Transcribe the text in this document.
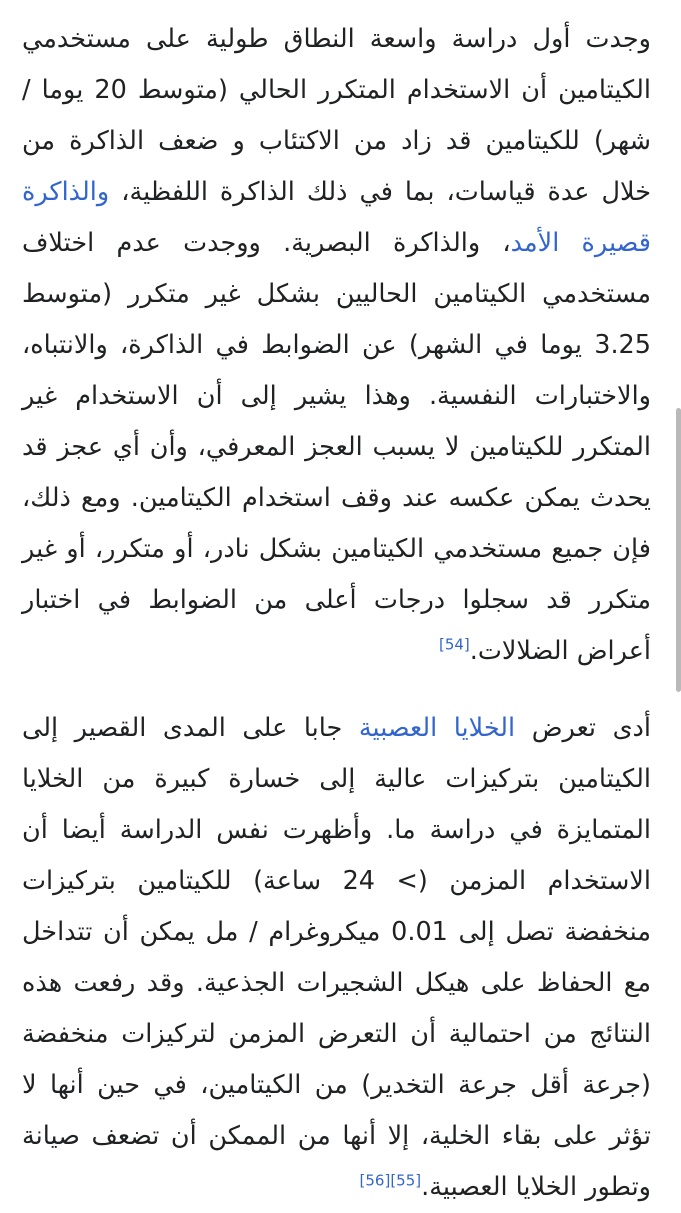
وجدت أول دراسة واسعة النطاق طولية على مستخدمي الكيتامين أن الاستخدام المتكرر الحالي (متوسط 20 يوما / شهر) للكيتامين قد زاد من الاكتئاب و ضعف الذاكرة من خلال عدة قياسات، بما في ذلك الذاكرة اللفظية، والذاكرة قصيرة الأمد، والذاكرة البصرية. ووجدت عدم اختلاف مستخدمي الكيتامين الحاليين بشكل غير متكرر (متوسط 3.25 يوما في الشهر) عن الضوابط في الذاكرة، والانتباه، والاختبارات النفسية. وهذا يشير إلى أن الاستخدام غير المتكرر للكيتامين لا يسبب العجز المعرفي، وأن أي عجز قد يحدث يمكن عكسه عند وقف استخدام الكيتامين. ومع ذلك، فإن جميع مستخدمي الكيتامين بشكل نادر، أو متكرر، أو غير متكرر قد سجلوا درجات أعلى من الضوابط في اختبار أعراض الضلالات.[54]

أدى تعرض الخلايا العصبية جابا على المدى القصير إلى الكيتامين بتركيزات عالية إلى خسارة كبيرة من الخلايا المتمايزة في دراسة ما. وأظهرت نفس الدراسة أيضا أن الاستخدام المزمن (> 24 ساعة) للكيتامين بتركيزات منخفضة تصل إلى 0.01 ميكروغرام / مل يمكن أن تتداخل مع الحفاظ على هيكل الشجيرات الجذعية. وقد رفعت هذه النتائج من احتمالية أن التعرض المزمن لتركيزات منخفضة (جرعة أقل جرعة التخدير) من الكيتامين، في حين أنها لا تؤثر على بقاء الخلية، إلا أنها من الممكن أن تضعف صيانة وتطور الخلايا العصبية.[55][56]
